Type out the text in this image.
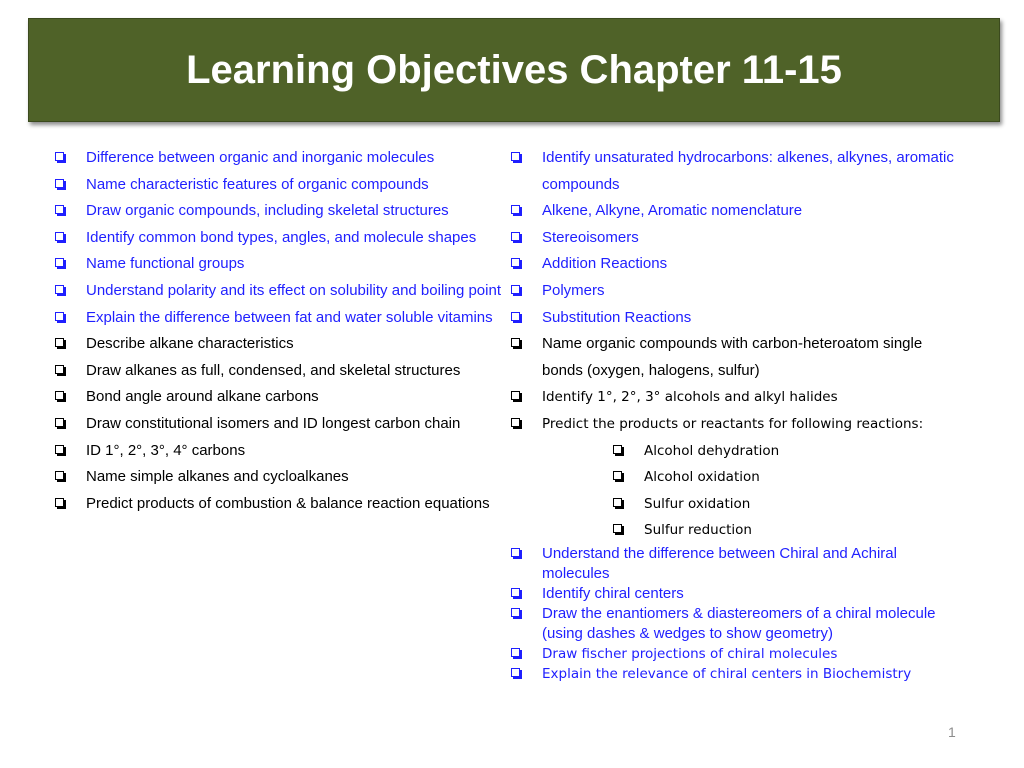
Learning Objectives Chapter 11-15
Difference between organic and inorganic molecules
Name characteristic features of organic compounds
Draw organic compounds, including skeletal structures
Identify common bond types, angles, and molecule shapes
Name functional groups
Understand polarity and its effect on solubility and boiling point
Explain the difference between fat and water soluble vitamins
Describe alkane characteristics
Draw alkanes as full, condensed, and skeletal structures
Bond angle around alkane carbons
Draw constitutional isomers and ID longest carbon chain
ID 1°, 2°, 3°, 4° carbons
Name simple alkanes and cycloalkanes
Predict products of combustion & balance reaction equations
Identify unsaturated hydrocarbons: alkenes, alkynes, aromatic compounds
Alkene, Alkyne, Aromatic nomenclature
Stereoisomers
Addition Reactions
Polymers
Substitution Reactions
Name organic compounds with carbon-heteroatom single bonds (oxygen, halogens, sulfur)
Identify 1°, 2°, 3° alcohols and alkyl halides
Predict the products or reactants for following reactions:
Alcohol dehydration
Alcohol oxidation
Sulfur oxidation
Sulfur reduction
Understand the difference between Chiral and Achiral molecules
Identify chiral centers
Draw the enantiomers & diastereomers of a chiral molecule (using dashes & wedges to show geometry)
Draw fischer projections of chiral molecules
Explain the relevance of chiral centers in Biochemistry
1
